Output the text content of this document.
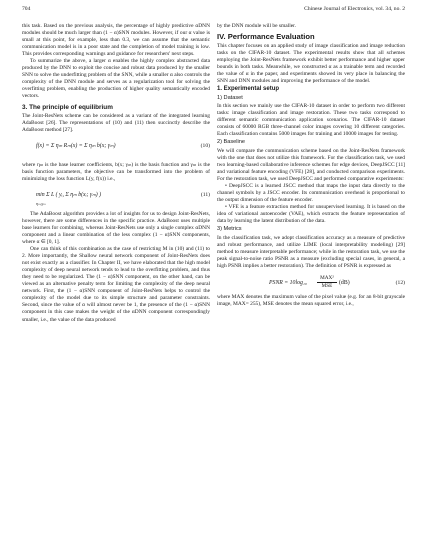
704	Chinese Journal of Electronics, vol. 34, no. 2

this task. Based on the previous analysis, the percentage of highly predictive αDNN modules should be much larger than (1 − α)SNN modules. However, if our α value is small at this point, for example, less than 0.3, we can assume that the semantic communication model is in a poor state and the completion of model training is low. This provides corresponding warnings and guidance for researchers' next steps.

To summarize the above, a larger α enables the highly complex abstracted data produced by the DNN to exploit the concise and robust data produced by the smaller SNN to solve the underfitting problem of the SNN, while a smaller α also controls the complexity of the DNN module and serves as a regularization tool for solving the overfitting problem, enabling the production of higher quality semantically encoded vectors.

3. The principle of equilibrium

The Joint-ResNets scheme can be considered as a variant of the integrated learning AdaBoost [26]. The representations of (10) and (11) then succinctly describe the AdaBoost method [27].

f(x) = Σ ηₘ Rₘ(x) = Σ ηₘ b(x; γₘ)	(10)

where ηₘ is the base learner coefficients, b(x; γₘ) is the basis function and γₘ is the basis function parameters, the objective can be transformed into the problem of minimizing the loss function L(y, f(x)) i.e.,

min Σ L ( yᵢ, Σ ηₘ b(xᵢ; γₘ) )
ηₘ,γₘ
(11)

The AdaBoost algorithm provides a lot of insights for us to design Joint-ResNets, however, there are some differences in the specific practice. AdaBoost uses multiple base learners for combining, whereas Joint-ResNets use only a single complex αDNN component and a linear combination of the less complex (1 − α)SNN components, where α ∈ [0, 1].

One can think of this combination as the case of restricting M in (10) and (11) to 2. More importantly, the Shallow neural network component of Joint-ResNets does not exist exactly as a classifier. In Chapter II, we have elaborated that the high model complexity of deep neural network tends to lead to the overfitting problem, and thus they need to be regularized. The (1 − α)SNN component, on the other hand, can be viewed as an alternative penalty term for limiting the complexity of the deep neural network. First, the (1 − α)SNN component of Joint-ResNets helps to control the complexity of the model due to its simple structure and parameter constraints. Second, since the value of α will almost never be 1, the presence of the (1 − α)SNN component in this case makes the weight of the αDNN component correspondingly smaller, i.e., the value of the data produced

by the DNN module will be smaller.

IV. Performance Evaluation

This chapter focuses on an applied study of image classification and image reduction tasks on the CIFAR-10 dataset. The experimental results show that all schemes employing the Joint-ResNets framework exhibit better performance and higher upper bounds in both tasks. Meanwhile, we constructed α as a trainable term and recorded the value of α in the paper, and experiments showed its very place in balancing the SNN and DNN modules and improving the performance of the model.

1. Experimental setup
1) Dataset

In this section we mainly use the CIFAR-10 dataset in order to perform two different tasks: image classification and image restoration. These two tasks correspond to different semantic communication application scenarios. The CIFAR-10 dataset consists of 60000 RGB three-channel color images covering 10 different categories. Each classification contains 5000 images for training and 10000 images for testing.

2) Baseline

We will compare the communication scheme based on the Joint-ResNets framework with the one that does not utilize this framework. For the classification task, we used two learning-based collaborative inference schemes for edge devices, DeepJSCC [11] and variational feature encoding (VFE) [28], and conducted comparison experiments. For the restoration task, we used DeepJSCC and performed comparative experiments:

• DeepJSCC is a learned JSCC method that maps the input data directly to the channel symbols by a JSCC encoder. Its communication overhead is proportional to the output dimension of the feature encoder.

• VFE is a feature extraction method for unsupervised learning. It is based on the idea of variational autoencoder (VAE), which extracts the feature representation of data by learning the latent distribution of the data.

3) Metrics

In the classification task, we adopt classification accuracy as a measure of predictive and robust performance, and utilize LIME (local interpretability modeling) [29] method to measure interpretable performance; while in the restoration task, we use the peak signal-to-noise ratio PSNR as a measure (excluding special cases, in general, a high PSNR implies a better restoration). The definition of PSNR is expressed as

PSNR = 10log₁₀
MAX²
MSE	(dB)	(12)

where MAX denotes the maximum value of the pixel value (e.g. for an 8-bit grayscale image, MAX= 255), MSE denotes the mean squared error, i.e.,
